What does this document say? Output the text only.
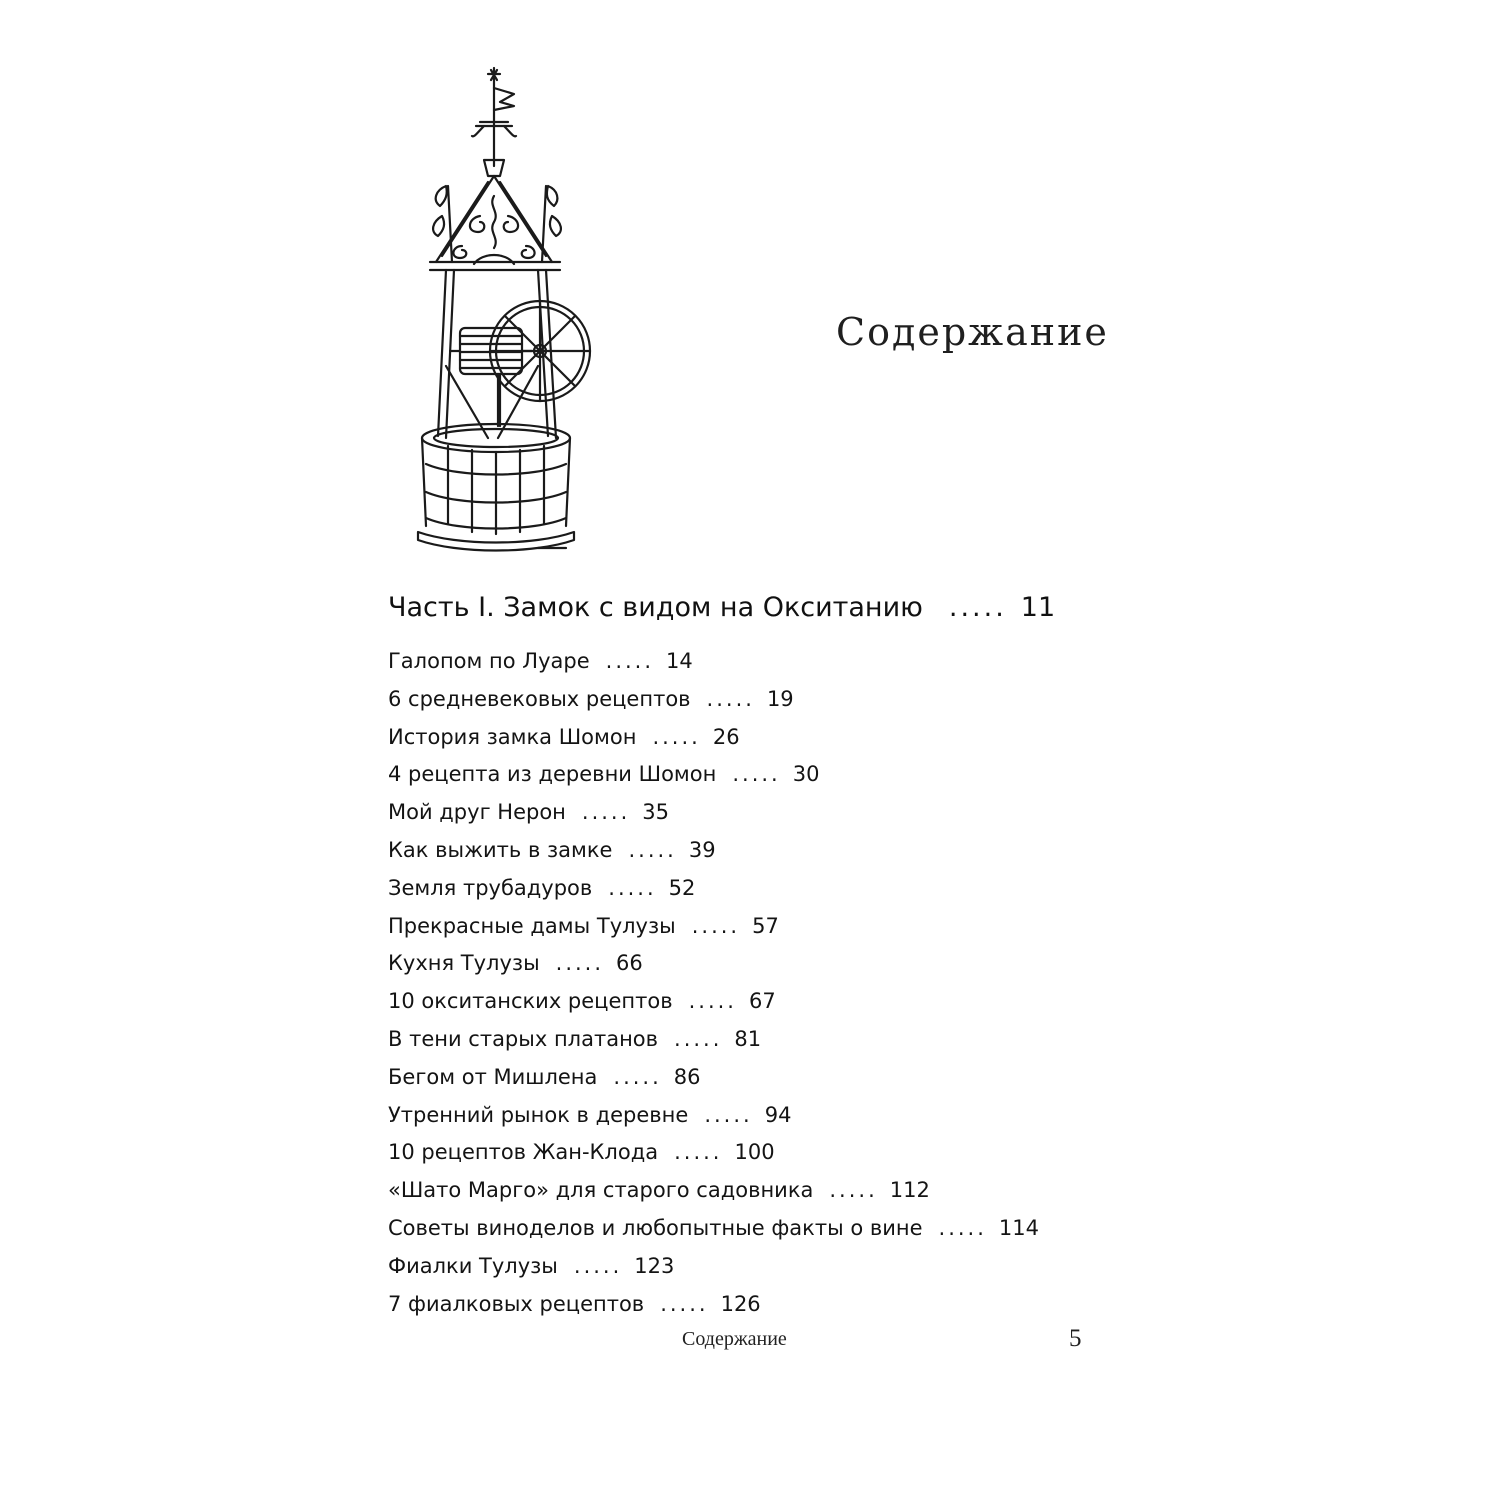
Содержание
Часть I. Замок с видом на Окситанию ..... 11
Галопом по Луаре ..... 14
6 средневековых рецептов ..... 19
История замка Шомон ..... 26
4 рецепта из деревни Шомон ..... 30
Мой друг Нерон ..... 35
Как выжить в замке ..... 39
Земля трубадуров ..... 52
Прекрасные дамы Тулузы ..... 57
Кухня Тулузы ..... 66
10 окситанских рецептов ..... 67
В тени старых платанов ..... 81
Бегом от Мишлена ..... 86
Утренний рынок в деревне ..... 94
10 рецептов Жан-Клода ..... 100
«Шато Марго» для старого садовника ..... 112
Советы виноделов и любопытные факты о вине ..... 114
Фиалки Тулузы ..... 123
7 фиалковых рецептов ..... 126
Содержание	5
